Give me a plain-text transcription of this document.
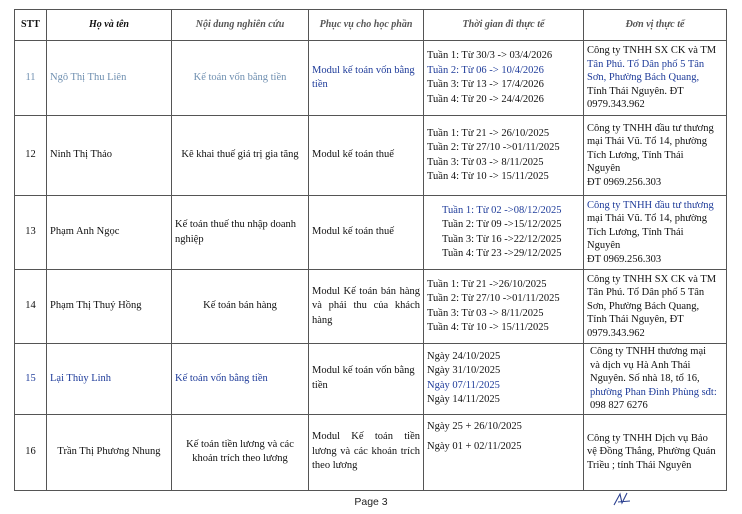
STT	Họ và tên	Nội dung nghiên cứu	Phục vụ cho học phần	Thời gian đi thực tế	Đơn vị thực tế
11	Ngô Thị Thu Liên	Kế toán vốn bằng tiền	Modul kế toán vốn bằng tiền	Tuần 1: Từ 30/3 -> 03/4/2026
Tuần 2: Từ 06 -> 10/4/2026
Tuần 3: Từ 13 -> 17/4/2026
Tuần 4: Từ 20 -> 24/4/2026	Công ty TNHH SX CK và TM
Tân Phú. Tổ Dân phố 5 Tân
Sơn, Phường Bách Quang,
Tỉnh Thái Nguyên. ĐT
0979.343.962

12	Ninh Thị Thảo	Kê khai thuế giá trị gia tăng	Modul kế toán thuế	Tuần 1: Từ 21 -> 26/10/2025
Tuần 2: Từ 27/10 ->01/11/2025
Tuần 3: Từ 03 -> 8/11/2025
Tuần 4: Từ 10 -> 15/11/2025	Công ty TNHH đầu tư thương
mại Thái Vũ. Tổ 14, phường
Tích Lương, Tỉnh Thái
Nguyên
ĐT 0969.256.303

13	Phạm Anh Ngọc	Kế toán thuế thu nhập doanh nghiệp	Modul kế toán thuế	Tuần 1: Từ 02 ->08/12/2025
Tuần 2: Từ 09 ->15/12/2025
Tuần 3: Từ 16 ->22/12/2025
Tuần 4: Từ 23 ->29/12/2025	Công ty TNHH đầu tư thương
mại Thái Vũ. Tổ 14, phường
Tích Lương, Tỉnh Thái
Nguyên
ĐT 0969.256.303

14	Phạm Thị Thuý Hồng	Kế toán bán hàng	Modul Kế toán bán hàng và phải thu của khách hàng	Tuần 1: Từ 21 ->26/10/2025
Tuần 2: Từ 27/10 ->01/11/2025
Tuần 3: Từ 03 -> 8/11/2025
Tuần 4: Từ 10 -> 15/11/2025	Công ty TNHH SX CK và TM
Tân Phú. Tổ Dân phố 5 Tân
Sơn, Phường Bách Quang,
Tỉnh Thái Nguyên, ĐT
0979.343.962

15	Lại Thùy Linh	Kế toán vốn bằng tiền	Modul kế toán vốn bằng tiền	Ngày 24/10/2025
Ngày 31/10/2025
Ngày 07/11/2025
Ngày 14/11/2025	Công ty TNHH thương mại
và dịch vụ Hà Anh Thái
Nguyên. Số nhà 18, tổ 16,
phường Phan Đình Phùng sđt:
098 827 6276

16	Trần Thị Phương Nhung	Kế toán tiền lương và các khoản trích theo lương	Modul Kế toán tiền lương và các khoản trích theo lương	Ngày 25 + 26/10/2025
Ngày 01 + 02/11/2025	Công ty TNHH Dịch vụ Bảo
vệ Đồng Thắng, Phường Quán
Triều ; tỉnh Thái Nguyên
Page 3
